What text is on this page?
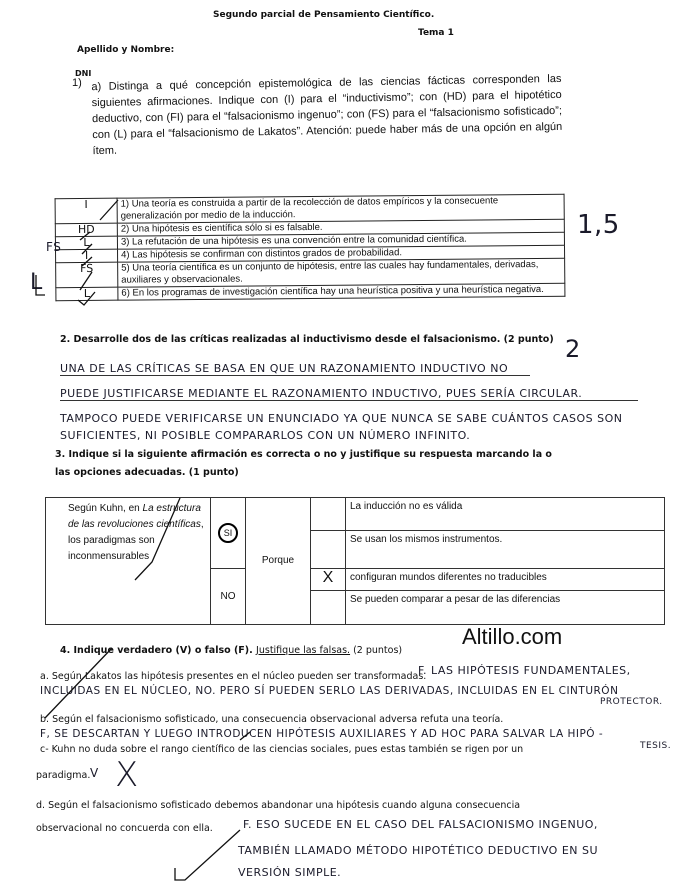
Segundo parcial de Pensamiento Científico.
Tema 1
Apellido y Nombre:
DNI
1) a) Distinga a qué concepción epistemológica de las ciencias fácticas corresponden las siguientes afirmaciones. Indique con (I) para el “inductivismo”; con (HD) para el hipotético deductivo, con (FI) para el “falsacionismo ingenuo”; con (FS) para el “falsacionismo sofisticado”; con (L) para el “falsacionismo de Lakatos”. Atención: puede haber más de una opción en algún ítem.
I	1) Una teoría es construida a partir de la recolección de datos empíricos y la consecuente generalización por medio de la inducción.
HD	2) Una hipótesis es científica sólo si es falsable.
L	3) La refutación de una hipótesis es una convención entre la comunidad científica.
I	4) Las hipótesis se confirman con distintos grados de probabilidad.
FS	5) Una teoría científica es un conjunto de hipótesis, entre las cuales hay fundamentales, derivadas, auxiliares y observacionales.
L	6) En los programas de investigación científica hay una heurística positiva y una heurística negativa.
1,5
FS
L
2. Desarrolle dos de las críticas realizadas al inductivismo desde el falsacionismo. (2 punto) 2
UNA DE LAS CRÍTICAS SE BASA EN QUE UN RAZONAMIENTO INDUCTIVO NO
PUEDE JUSTIFICARSE MEDIANTE EL RAZONAMIENTO INDUCTIVO, PUES SERÍA CIRCULAR.
TAMPOCO PUEDE VERIFICARSE UN ENUNCIADO YA QUE NUNCA SE SABE CUÁNTOS CASOS SON
SUFICIENTES, NI POSIBLE COMPARARLOS CON UN NÚMERO INFINITO.
3. Indique si la siguiente afirmación es correcta o no y justifique su respuesta marcando la o las opciones adecuadas. (1 punto)
Según Kuhn, en La estructura de las revoluciones científicas, los paradigmas son inconmensurables	SI	Porque		La inducción no es válida
				Se usan los mismos instrumentos.
	NO		X	configuran mundos diferentes no traducibles
				Se pueden comparar a pesar de las diferencias
Altillo.com
4. Indique verdadero (V) o falso (F). Justifique las falsas. (2 puntos)
a. Según Lakatos las hipótesis presentes en el núcleo pueden ser transformadas.
F. LAS HIPÓTESIS FUNDAMENTALES,
INCLUIDAS EN EL NÚCLEO, NO. PERO SÍ PUEDEN SERLO LAS DERIVADAS, INCLUIDAS EN EL CINTURÓN
PROTECTOR.
b. Según el falsacionismo sofisticado, una consecuencia observacional adversa refuta una teoría.
F, SE DESCARTAN Y LUEGO INTRODUCEN HIPÓTESIS AUXILIARES Y AD HOC PARA SALVAR LA HIPÓ -
TESIS.
c- Kuhn no duda sobre el rango científico de las ciencias sociales, pues estas también se rigen por un
paradigma. V X
d. Según el falsacionismo sofisticado debemos abandonar una hipótesis cuando alguna consecuencia
observacional no concuerda con ella.	F. ESO SUCEDE EN EL CASO DEL FALSACIONISMO INGENUO,
TAMBIÉN LLAMADO MÉTODO HIPOTÉTICO DEDUCTIVO EN SU
VERSIÓN SIMPLE.
